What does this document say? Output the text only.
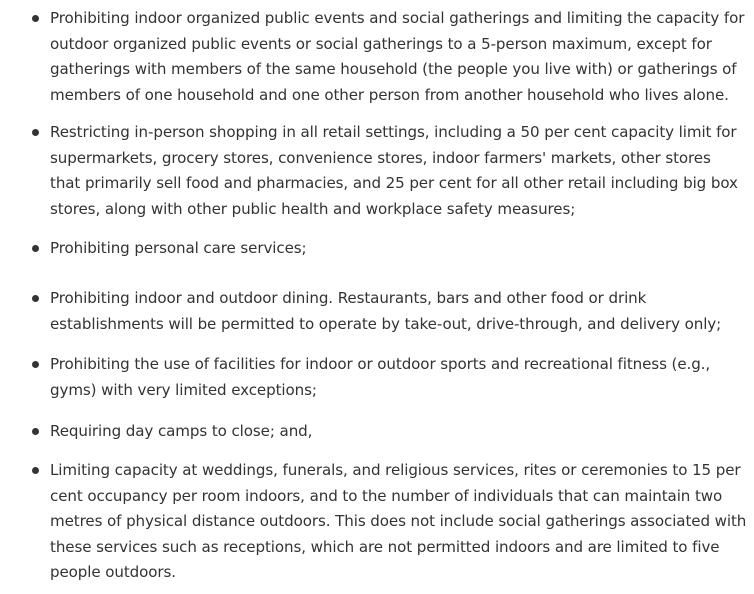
Prohibiting indoor organized public events and social gatherings and limiting the capacity for
outdoor organized public events or social gatherings to a 5-person maximum, except for
gatherings with members of the same household (the people you live with) or gatherings of
members of one household and one other person from another household who lives alone.
Restricting in-person shopping in all retail settings, including a 50 per cent capacity limit for
supermarkets, grocery stores, convenience stores, indoor farmers' markets, other stores
that primarily sell food and pharmacies, and 25 per cent for all other retail including big box
stores, along with other public health and workplace safety measures;
Prohibiting personal care services;
Prohibiting indoor and outdoor dining. Restaurants, bars and other food or drink
establishments will be permitted to operate by take-out, drive-through, and delivery only;
Prohibiting the use of facilities for indoor or outdoor sports and recreational fitness (e.g.,
gyms) with very limited exceptions;
Requiring day camps to close; and,
Limiting capacity at weddings, funerals, and religious services, rites or ceremonies to 15 per
cent occupancy per room indoors, and to the number of individuals that can maintain two
metres of physical distance outdoors. This does not include social gatherings associated with
these services such as receptions, which are not permitted indoors and are limited to five
people outdoors.
